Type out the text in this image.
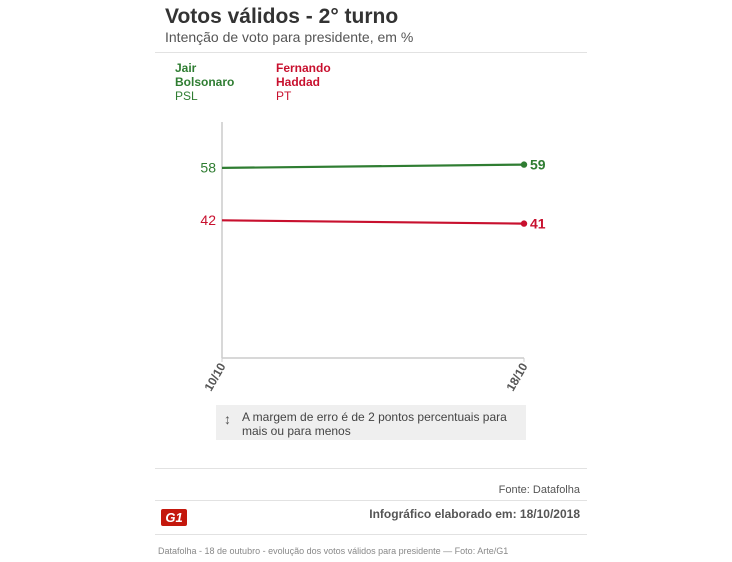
Votos válidos - 2° turno
Intenção de voto para presidente, em %
Jair
Bolsonaro
PSL
Fernando
Haddad
PT
10/10	18/10
58	59
42	41
↕ A margem de erro é de 2 pontos percentuais para mais ou para menos
Fonte: Datafolha
G1	Infográfico elaborado em: 18/10/2018
Datafolha - 18 de outubro - evolução dos votos válidos para presidente — Foto: Arte/G1
